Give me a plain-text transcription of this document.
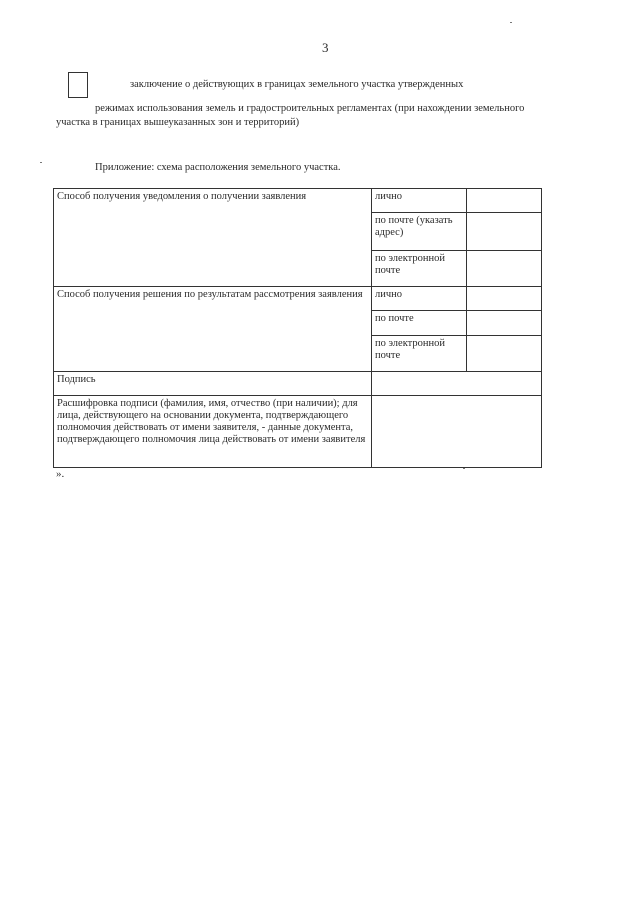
3
заключение о действующих в границах земельного участка утвержденных
режимах использования земель и градостроительных регламентах (при нахождении земельного
участка в границах вышеуказанных зон и территорий)
Приложение: схема расположения земельного участка.
Способ получения уведомления о получении заявления	лично	
	по почте (указать адрес)	
	по электронной почте	
Способ получения решения по результатам рассмотрения заявления	лично	
	по почте	
	по электронной почте	
Подпись		
Расшифровка подписи (фамилия, имя, отчество (при наличии); для лица, действующего на основании документа, подтверждающего полномочия действовать от имени заявителя, - данные документа, подтверждающего полномочия лица действовать от имени заявителя		
».
